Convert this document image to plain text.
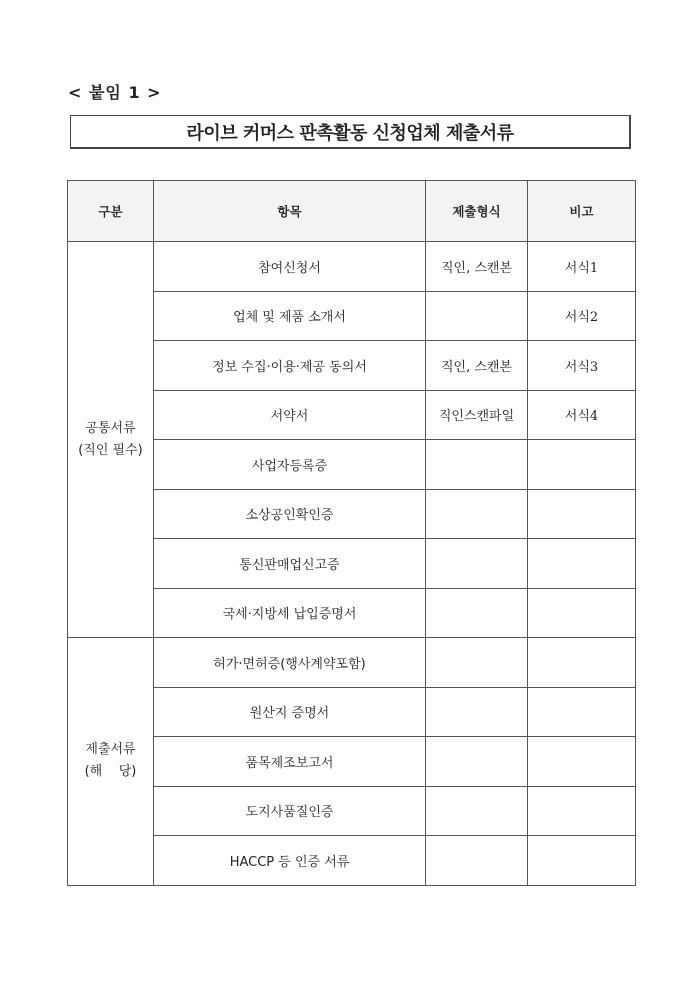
< 붙임 1 >
라이브 커머스 판촉활동 신청업체 제출서류
구분	항목	제출형식	비고

공통서류
(직인 필수)	참여신청서	직인, 스캔본	서식1
	업체 및 제품 소개서		서식2
	정보 수집·이용·제공 동의서	직인, 스캔본	서식3
	서약서	직인스캔파일	서식4
	사업자등록증		
	소상공인확인증		
	통신판매업신고증		
	국세·지방세 납입증명서		

제출서류
(해    당)	허가·면허증(행사계약포함)		
	원산지 증명서		
	품목제조보고서		
	도지사품질인증		
	HACCP 등 인증 서류		
